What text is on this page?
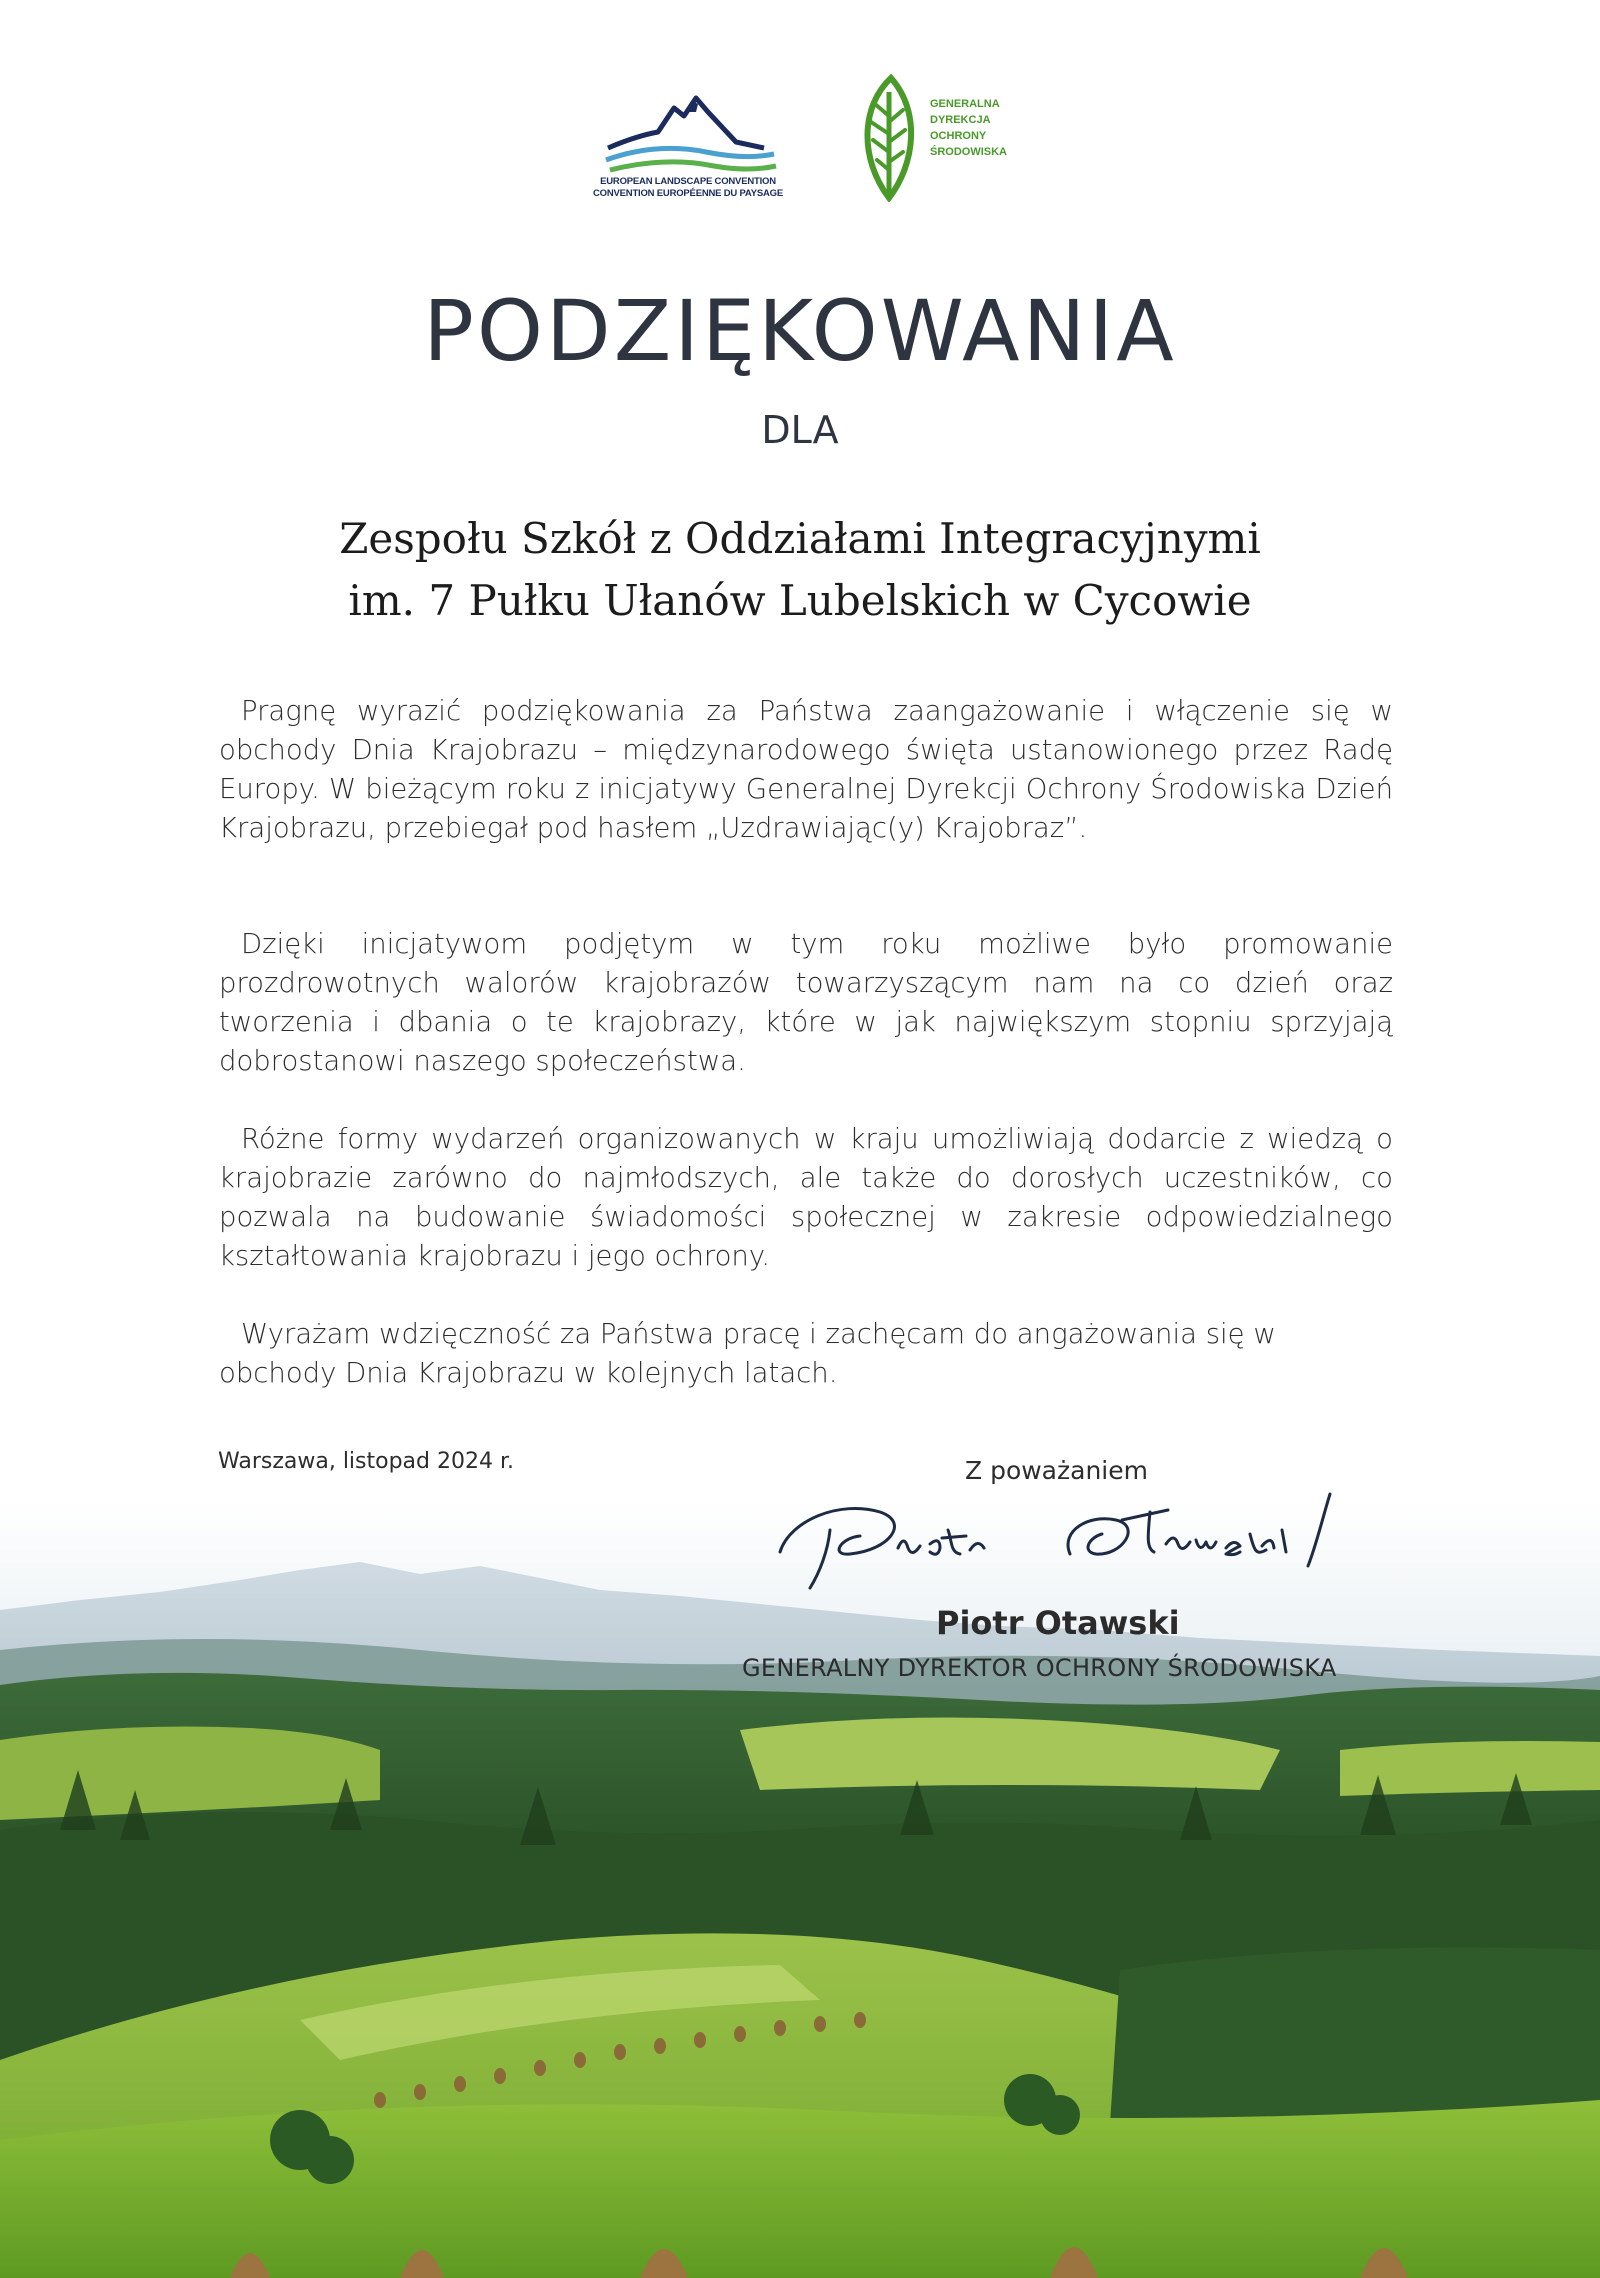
EUROPEAN LANDSCAPE CONVENTION
CONVENTION EUROPÉENNE DU PAYSAGE
GENERALNA
DYREKCJA
OCHRONY
ŚRODOWISKA
PODZIĘKOWANIA
DLA
Zespołu Szkół z Oddziałami Integracyjnymi
im. 7 Pułku Ułanów Lubelskich w Cycowie

Pragnę wyrazić podziękowania za Państwa zaangażowanie i włączenie się w obchody Dnia Krajobrazu – międzynarodowego święta ustanowionego przez Radę Europy. W bieżącym roku z inicjatywy Generalnej Dyrekcji Ochrony Środowiska Dzień Krajobrazu, przebiegał pod hasłem „Uzdrawiając(y) Krajobraz”.

Dzięki inicjatywom podjętym w tym roku możliwe było promowanie prozdrowotnych walorów krajobrazów towarzyszącym nam na co dzień oraz tworzenia i dbania o te krajobrazy, które w jak największym stopniu sprzyjają dobrostanowi naszego społeczeństwa.

Różne formy wydarzeń organizowanych w kraju umożliwiają dodarcie z wiedzą o krajobrazie zarówno do najmłodszych, ale także do dorosłych uczestników, co pozwala na budowanie świadomości społecznej w zakresie odpowiedzialnego kształtowania krajobrazu i jego ochrony.

Wyrażam wdzięczność za Państwa pracę i zachęcam do angażowania się w obchody Dnia Krajobrazu w kolejnych latach.

Warszawa, listopad 2024 r.	Z poważaniem
Piotr Otawski
GENERALNY DYREKTOR OCHRONY ŚRODOWISKA
